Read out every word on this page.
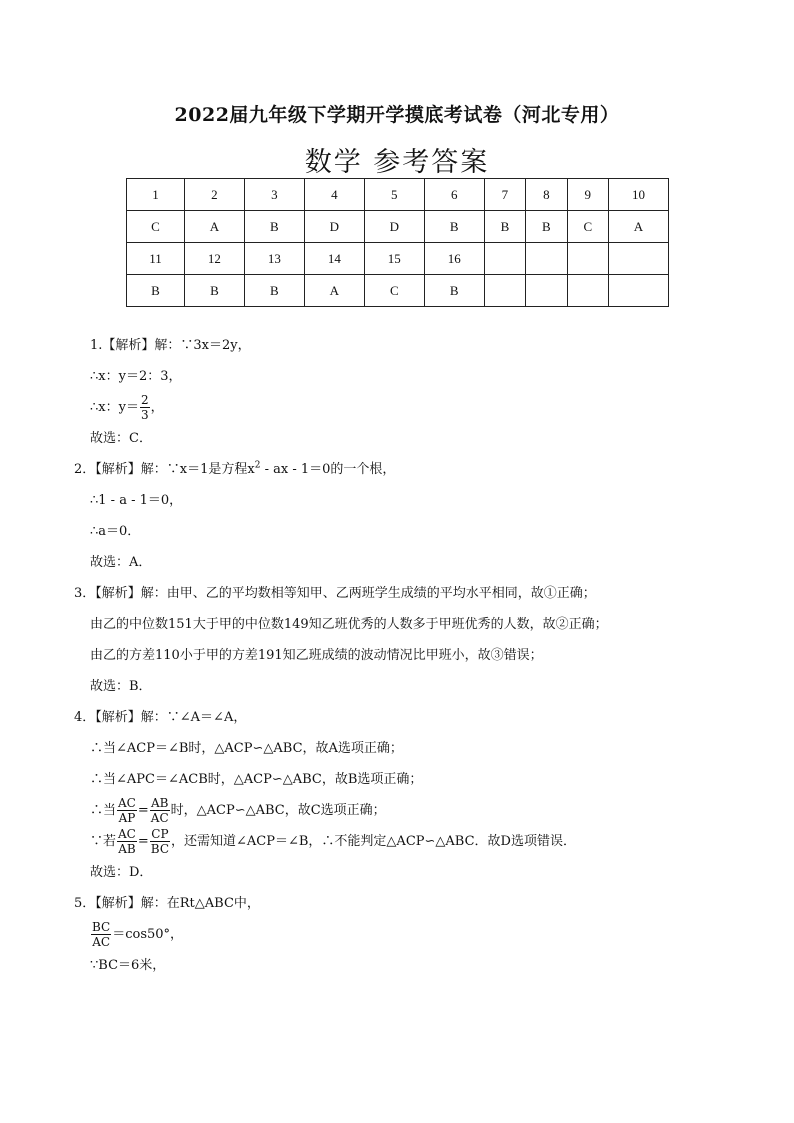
2022届九年级下学期开学摸底考试卷（河北专用）
数学 参考答案
1	2	3	4	5	6	7	8	9	10
C	A	B	D	D	B	B	B	C	A
11	12	13	14	15	16				
B	B	B	A	C	B				
1.【解析】解：∵3x＝2y，
∴x：y＝2：3，
∴x：$y= \frac{2}{3}$ ，
故选：C．
2．【解析】解：∵x＝1是方程$x^2$ - ax - 1＝0的一个根，
∴1 - a - 1＝0，
∴a＝0．
故选：A．
3．【解析】解：由甲、乙的平均数相等知甲、乙两班学生成绩的平均水平相同，故①正确；
由乙的中位数151大于甲的中位数149知乙班优秀的人数多于甲班优秀的人数，故②正确；
由乙的方差110小于甲的方差191知乙班成绩的波动情况比甲班小，故③错误；
故选：B．
4．【解析】解：∵∠A＝∠A，
∴当∠ACP＝∠B时，△ACP∽△ABC，故A选项正确；
∴当∠APC＝∠ACB时，△ACP∽△ABC，故B选项正确；
∴当 $\frac{AC}{AP} = \frac{AB}{AC}$ 时，△ACP∽△ABC，故C选项正确；
∵若 $\frac{AC}{AB} = \frac{CP}{BC}$ ，还需知道∠ACP＝∠B，∴不能判定△ACP∽△ABC．故D选项错误．
故选：D．
5．【解析】解：在Rt△ABC中，
$\frac{BC}{AC} =\cos 50^\circ$，
∵BC＝6米，
